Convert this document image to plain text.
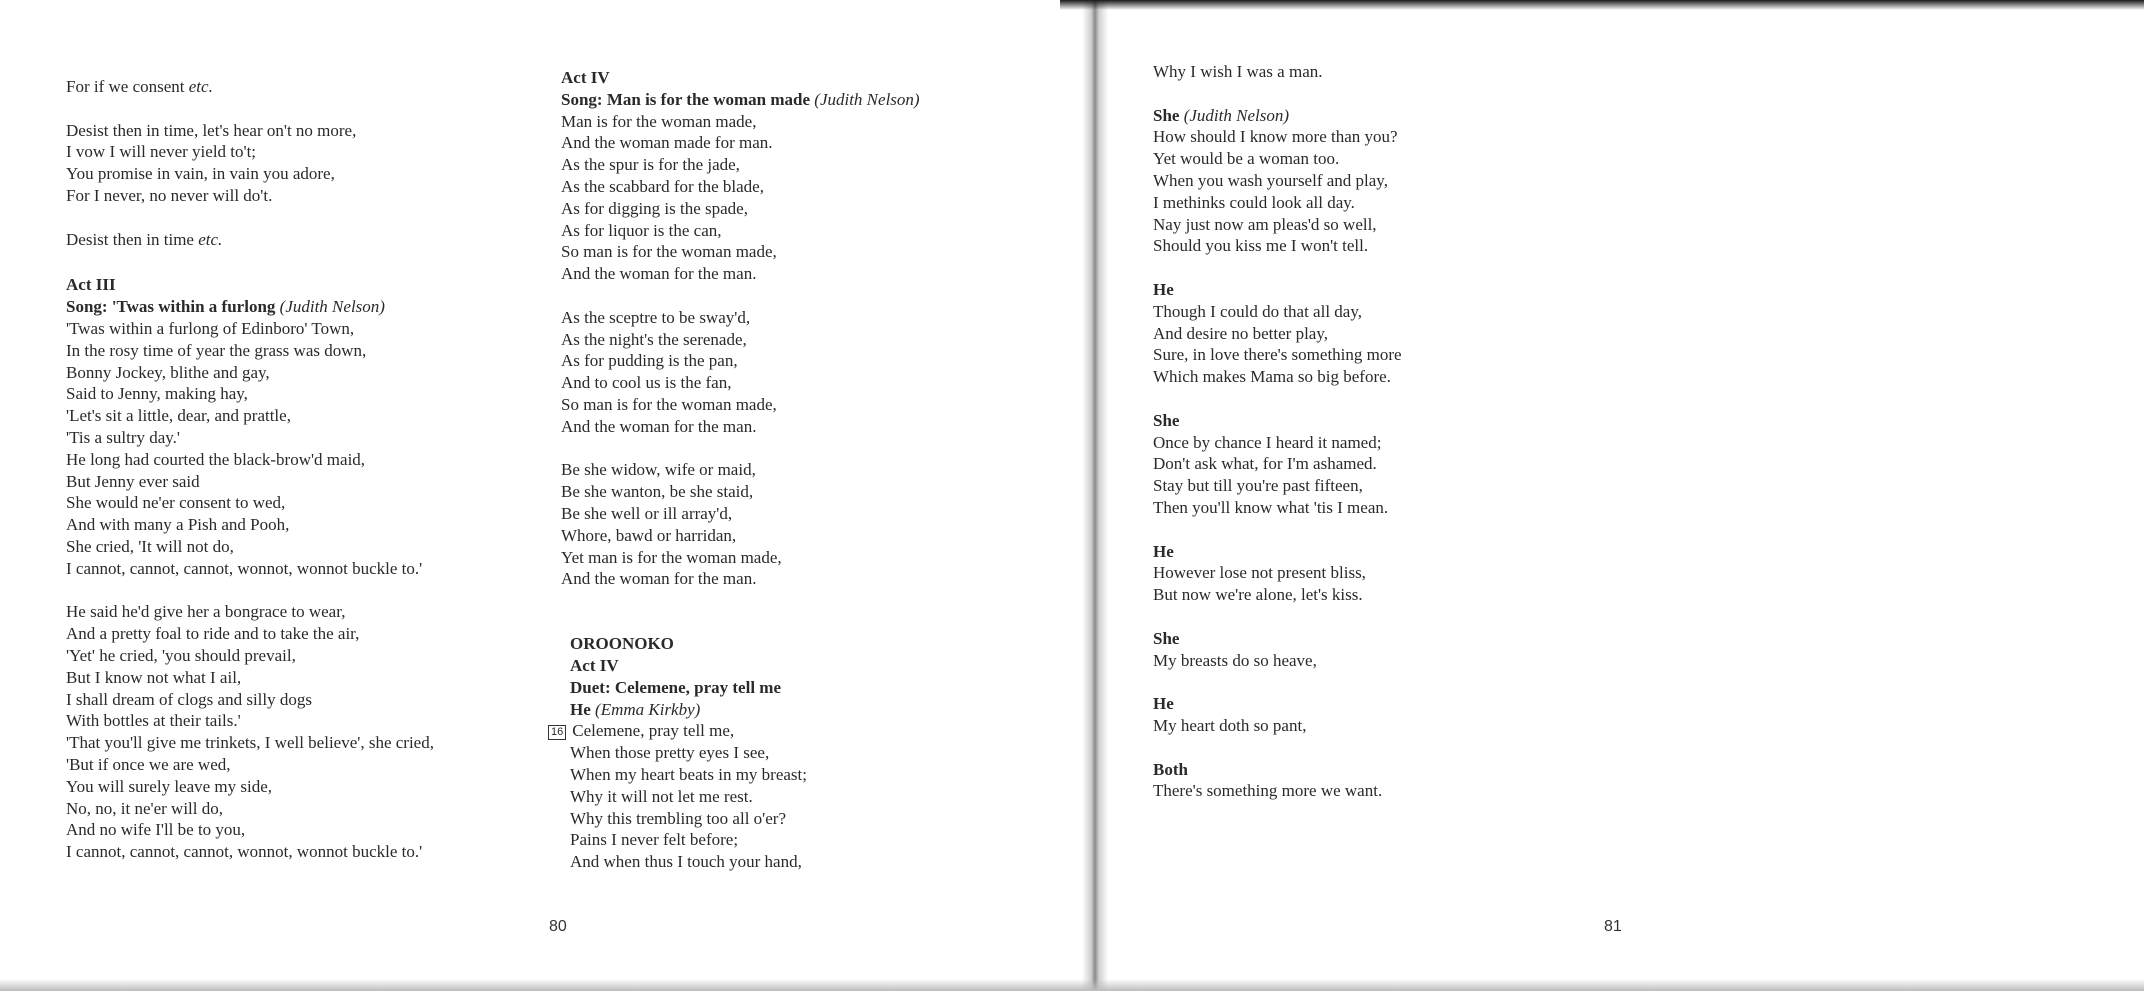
For if we consent etc.
Desist then in time, let's hear on't no more,
I vow I will never yield to't;
You promise in vain, in vain you adore,
For I never, no never will do't.
Desist then in time etc.
Act III
Song: 'Twas within a furlong (Judith Nelson)
'Twas within a furlong of Edinboro' Town,
In the rosy time of year the grass was down,
Bonny Jockey, blithe and gay,
Said to Jenny, making hay,
'Let's sit a little, dear, and prattle,
'Tis a sultry day.'
He long had courted the black-brow'd maid,
But Jenny ever said
She would ne'er consent to wed,
And with many a Pish and Pooh,
She cried, 'It will not do,
I cannot, cannot, cannot, wonnot, wonnot buckle to.'
He said he'd give her a bongrace to wear,
And a pretty foal to ride and to take the air,
'Yet' he cried, 'you should prevail,
But I know not what I ail,
I shall dream of clogs and silly dogs
With bottles at their tails.'
'That you'll give me trinkets, I well believe', she cried,
'But if once we are wed,
You will surely leave my side,
No, no, it ne'er will do,
And no wife I'll be to you,
I cannot, cannot, cannot, wonnot, wonnot buckle to.'
Act IV
Song: Man is for the woman made (Judith Nelson)
Man is for the woman made,
And the woman made for man.
As the spur is for the jade,
As the scabbard for the blade,
As for digging is the spade,
As for liquor is the can,
So man is for the woman made,
And the woman for the man.
As the sceptre to be sway'd,
As the night's the serenade,
As for pudding is the pan,
And to cool us is the fan,
So man is for the woman made,
And the woman for the man.
Be she widow, wife or maid,
Be she wanton, be she staid,
Be she well or ill array'd,
Whore, bawd or harridan,
Yet man is for the woman made,
And the woman for the man.
OROONOKO
Act IV
Duet: Celemene, pray tell me
He (Emma Kirkby)
16 Celemene, pray tell me,
When those pretty eyes I see,
When my heart beats in my breast;
Why it will not let me rest.
Why this trembling too all o'er?
Pains I never felt before;
And when thus I touch your hand,
80
Why I wish I was a man.
She (Judith Nelson)
How should I know more than you?
Yet would be a woman too.
When you wash yourself and play,
I methinks could look all day.
Nay just now am pleas'd so well,
Should you kiss me I won't tell.
He
Though I could do that all day,
And desire no better play,
Sure, in love there's something more
Which makes Mama so big before.
She
Once by chance I heard it named;
Don't ask what, for I'm ashamed.
Stay but till you're past fifteen,
Then you'll know what 'tis I mean.
He
However lose not present bliss,
But now we're alone, let's kiss.
She
My breasts do so heave,
He
My heart doth so pant,
Both
There's something more we want.
81
